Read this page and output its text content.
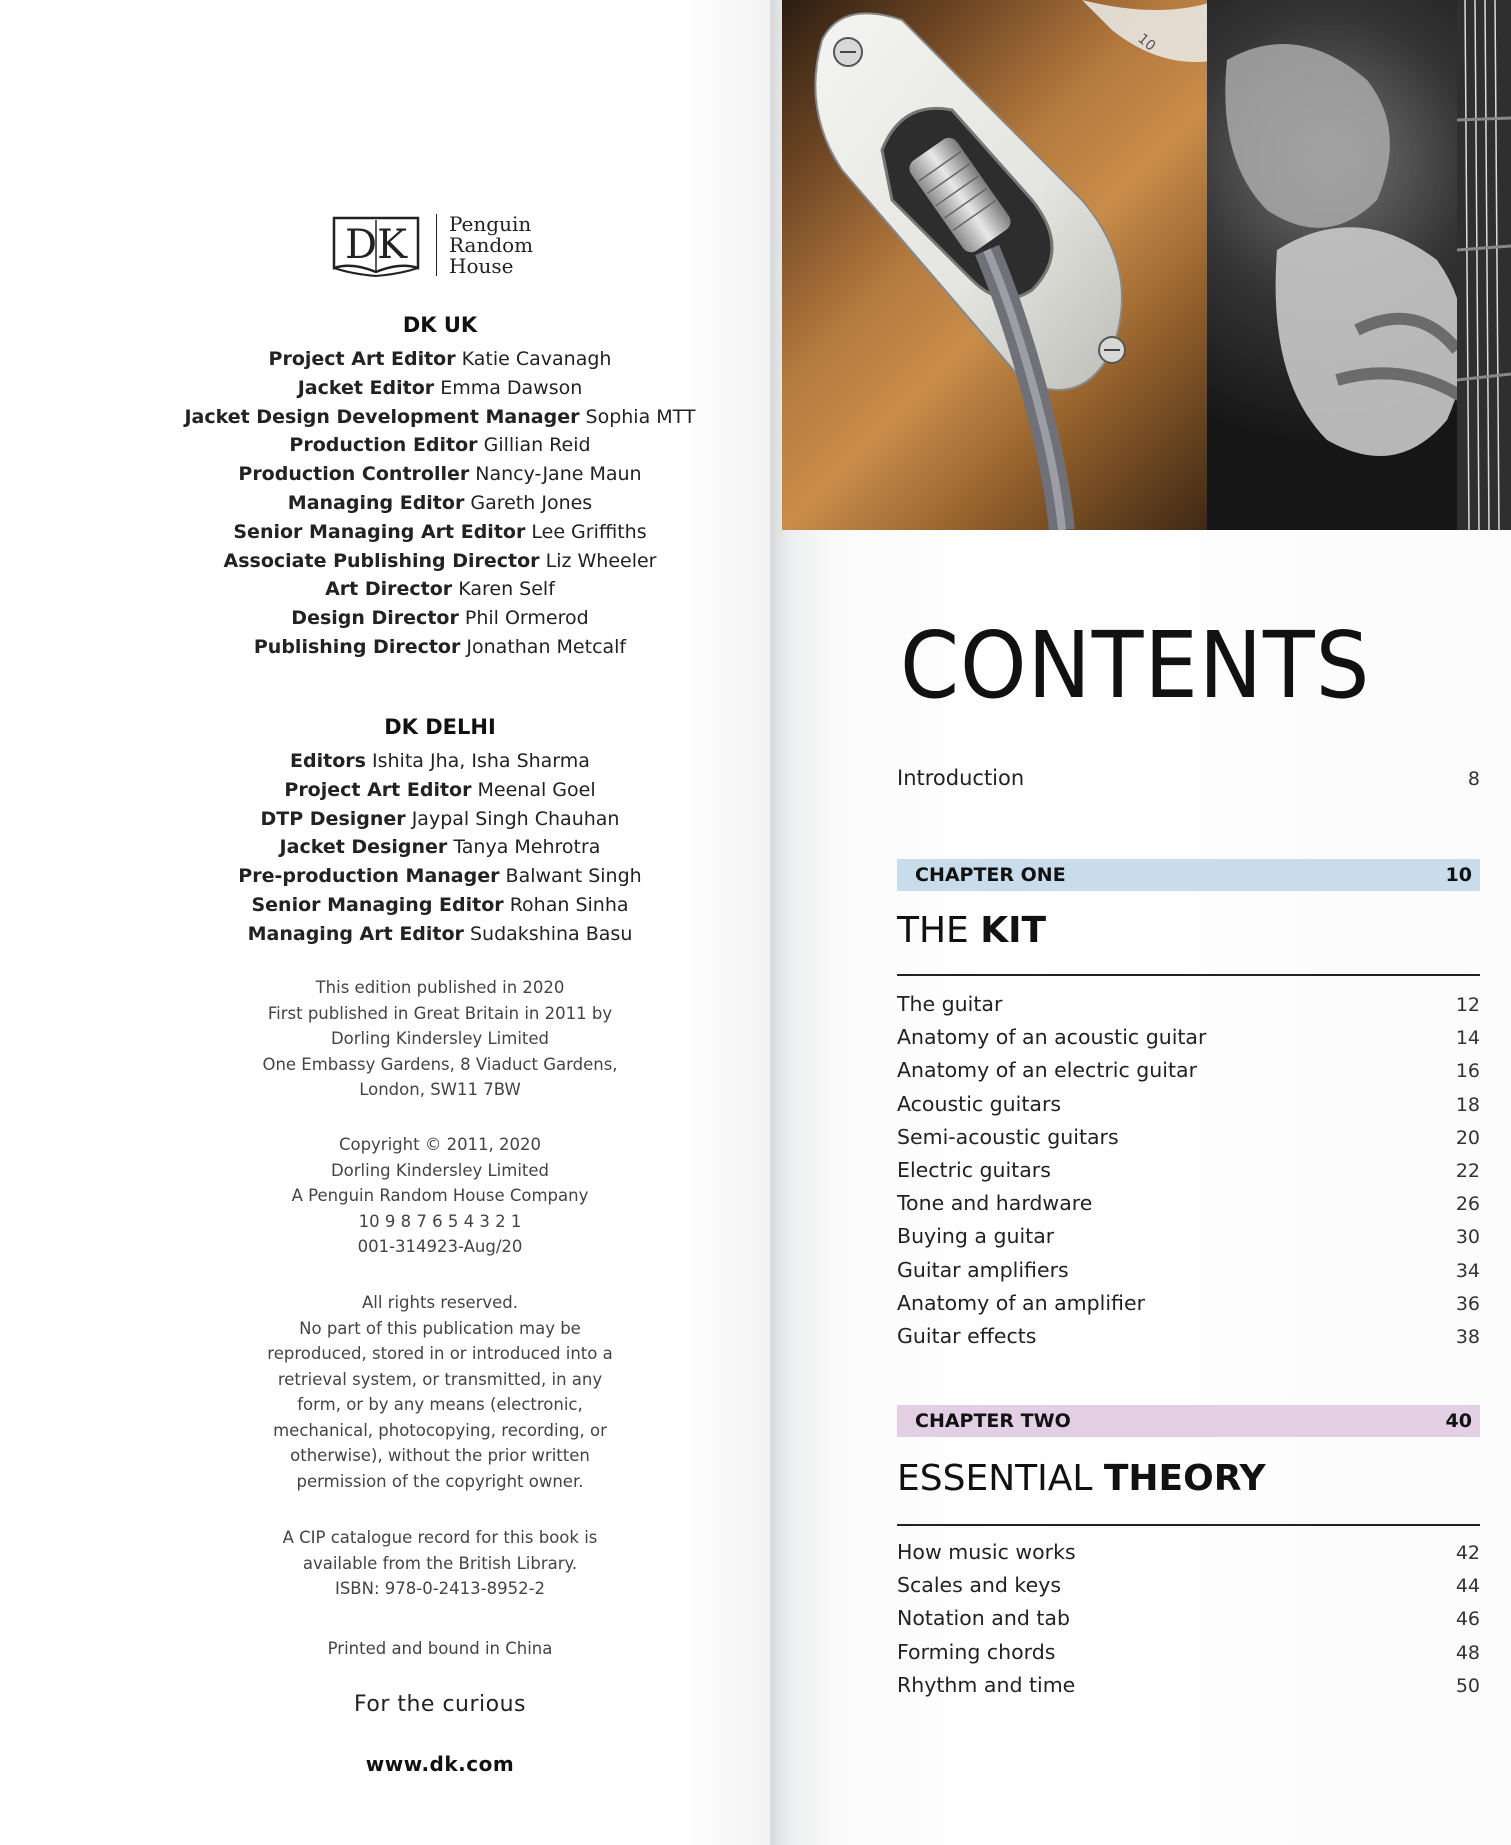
DK Penguin
Random
House
DK UK
Project Art Editor Katie Cavanagh
Jacket Editor Emma Dawson
Jacket Design Development Manager Sophia MTT
Production Editor Gillian Reid
Production Controller Nancy-Jane Maun
Managing Editor Gareth Jones
Senior Managing Art Editor Lee Griffiths
Associate Publishing Director Liz Wheeler
Art Director Karen Self
Design Director Phil Ormerod
Publishing Director Jonathan Metcalf
DK DELHI
Editors Ishita Jha, Isha Sharma
Project Art Editor Meenal Goel
DTP Designer Jaypal Singh Chauhan
Jacket Designer Tanya Mehrotra
Pre-production Manager Balwant Singh
Senior Managing Editor Rohan Sinha
Managing Art Editor Sudakshina Basu
This edition published in 2020
First published in Great Britain in 2011 by
Dorling Kindersley Limited
One Embassy Gardens, 8 Viaduct Gardens,
London, SW11 7BW
Copyright © 2011, 2020
Dorling Kindersley Limited
A Penguin Random House Company
10 9 8 7 6 5 4 3 2 1
001-314923-Aug/20
All rights reserved.
No part of this publication may be
reproduced, stored in or introduced into a
retrieval system, or transmitted, in any
form, or by any means (electronic,
mechanical, photocopying, recording, or
otherwise), without the prior written
permission of the copyright owner.
A CIP catalogue record for this book is
available from the British Library.
ISBN: 978-0-2413-8952-2
Printed and bound in China
For the curious
www.dk.com
10
CONTENTS
Introduction	8
CHAPTER ONE	10
THE KIT
The guitar	12
Anatomy of an acoustic guitar	14
Anatomy of an electric guitar	16
Acoustic guitars	18
Semi-acoustic guitars	20
Electric guitars	22
Tone and hardware	26
Buying a guitar	30
Guitar amplifiers	34
Anatomy of an amplifier	36
Guitar effects	38
CHAPTER TWO	40
ESSENTIAL THEORY
How music works	42
Scales and keys	44
Notation and tab	46
Forming chords	48
Rhythm and time	50
